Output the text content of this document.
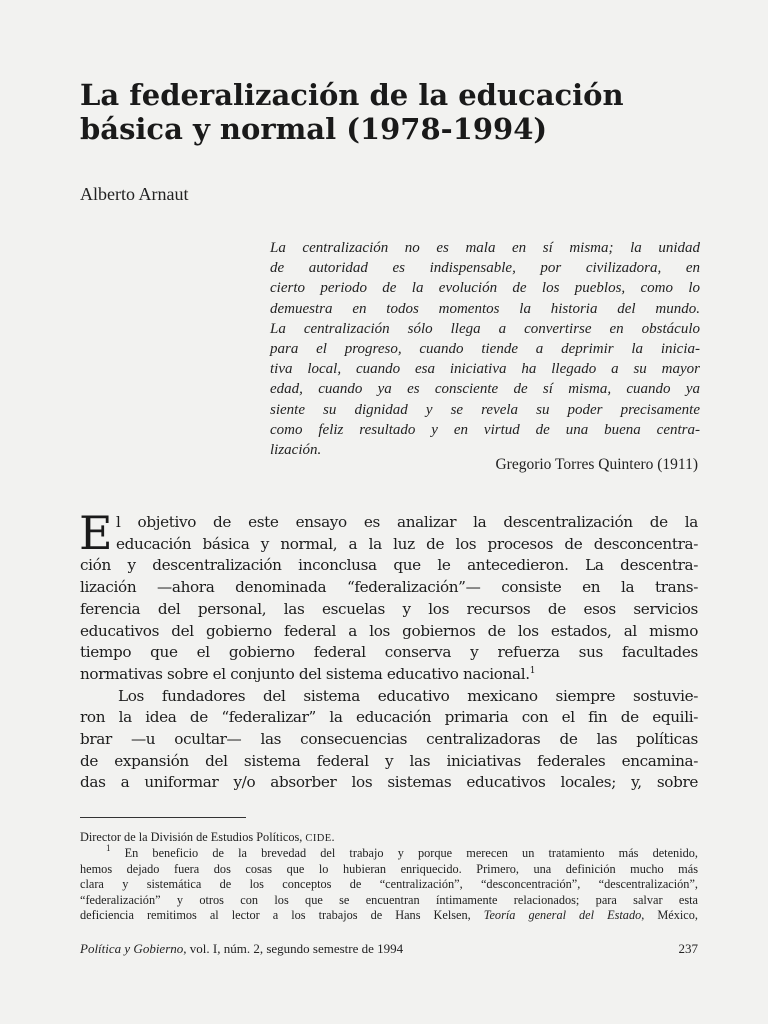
La federalización de la educación
básica y normal (1978-1994)
Alberto Arnaut
La centralización no es mala en sí misma; la unidad
de autoridad es indispensable, por civilizadora, en
cierto periodo de la evolución de los pueblos, como lo
demuestra en todos momentos la historia del mundo.
La centralización sólo llega a convertirse en obstáculo
para el progreso, cuando tiende a deprimir la inicia-
tiva local, cuando esa iniciativa ha llegado a su mayor
edad, cuando ya es consciente de sí misma, cuando ya
siente su dignidad y se revela su poder precisamente
como feliz resultado y en virtud de una buena centra-
lización.
Gregorio Torres Quintero (1911)
E l objetivo de este ensayo es analizar la descentralización de la
educación básica y normal, a la luz de los procesos de desconcentra-
ción y descentralización inconclusa que le antecedieron. La descentra-
lización —ahora denominada “federalización”— consiste en la trans-
ferencia del personal, las escuelas y los recursos de esos servicios
educativos del gobierno federal a los gobiernos de los estados, al mismo
tiempo que el gobierno federal conserva y refuerza sus facultades
normativas sobre el conjunto del sistema educativo nacional.$^1$
Los fundadores del sistema educativo mexicano siempre sostuvie-
ron la idea de “federalizar” la educación primaria con el fin de equili-
brar —u ocultar— las consecuencias centralizadoras de las políticas
de expansión del sistema federal y las iniciativas federales encamina-
das a uniformar y/o absorber los sistemas educativos locales; y, sobre
Director de la División de Estudios Políticos, CIDE.
$^1$ En beneficio de la brevedad del trabajo y porque merecen un tratamiento más detenido,
hemos dejado fuera dos cosas que lo hubieran enriquecido. Primero, una definición mucho más
clara y sistemática de los conceptos de “centralización”, “desconcentración”, “descentralización”,
“federalización” y otros con los que se encuentran íntimamente relacionados; para salvar esta
deficiencia remitimos al lector a los trabajos de Hans Kelsen, Teoría general del Estado, México,
Política y Gobierno, vol. I, núm. 2, segundo semestre de 1994	237
